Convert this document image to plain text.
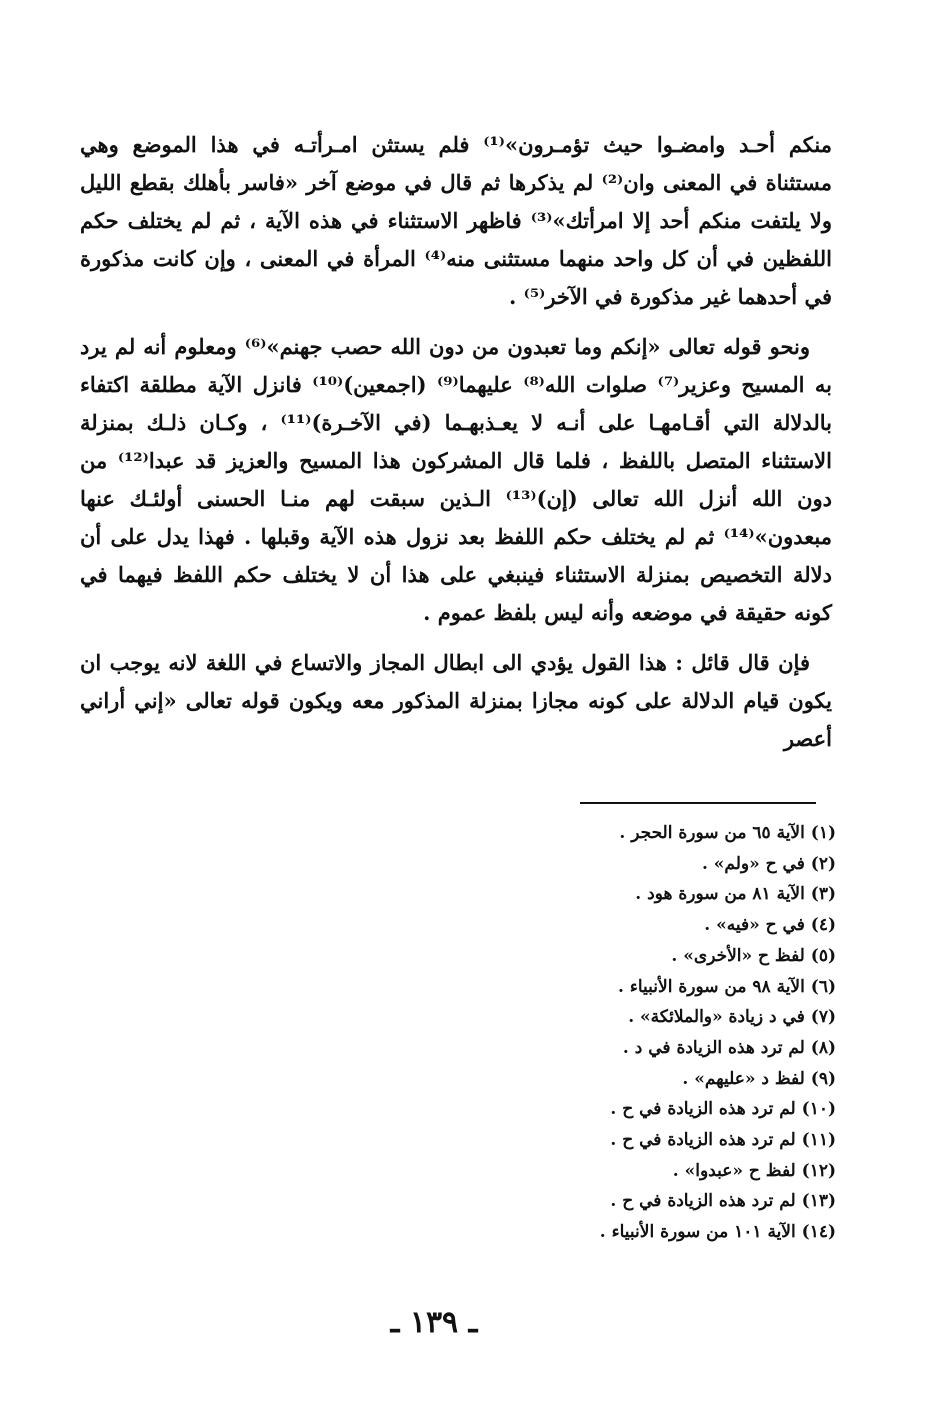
منكم أحـد وامضـوا حيث تؤمـرون»⁽¹⁾ فلم يستثن امـرأتـه في هذا الموضع وهي مستثناة في المعنى وان⁽²⁾ لم يذكرها ثم قال في موضع آخر «فاسر بأهلك بقطع الليل ولا يلتفت منكم أحد إلا امرأتك»⁽³⁾ فاظهر الاستثناء في هذه الآية ، ثم لم يختلف حكم اللفظين في أن كل واحد منهما مستثنى منه⁽⁴⁾ المرأة في المعنى ، وإن كانت مذكورة في أحدهما غير مذكورة في الآخر⁽⁵⁾ .

ونحو قوله تعالى «إنكم وما تعبدون من دون الله حصب جهنم»⁽⁶⁾ ومعلوم أنه لم يرد به المسيح وعزير⁽⁷⁾ صلوات الله⁽⁸⁾ عليهما⁽⁹⁾ (اجمعين)⁽¹⁰⁾ فانزل الآية مطلقة اكتفاء بالدلالة التي أقـامهـا على أنـه لا يعـذبهـما (في الآخـرة)⁽¹¹⁾ ، وكـان ذلـك بمنزلة الاستثناء المتصل باللفظ ، فلما قال المشركون هذا المسيح والعزيز قد عبدا⁽¹²⁾ من دون الله أنزل الله تعالى (إن)⁽¹³⁾ الـذين سبقت لهم منـا الحسنى أولئـك عنها مبعدون»⁽¹⁴⁾ ثم لم يختلف حكم اللفظ بعد نزول هذه الآية وقبلها . فهذا يدل على أن دلالة التخصيص بمنزلة الاستثناء فينبغي على هذا أن لا يختلف حكم اللفظ فيهما في كونه حقيقة في موضعه وأنه ليس بلفظ عموم .

فإن قال قائل : هذا القول يؤدي الى ابطال المجاز والاتساع في اللغة لانه يوجب ان يكون قيام الدلالة على كونه مجازا بمنزلة المذكور معه ويكون قوله تعالى «إني أراني أعصر

(١) الآية ٦٥ من سورة الحجر .
(٢) في ح «ولم» .
(٣) الآية ٨١ من سورة هود .
(٤) في ح «فيه» .
(٥) لفظ ح «الأخرى» .
(٦) الآية ٩٨ من سورة الأنبياء .
(٧) في د زيادة «والملائكة» .
(٨) لم ترد هذه الزيادة في د .
(٩) لفظ د «عليهم» .
(١٠) لم ترد هذه الزيادة في ح .
(١١) لم ترد هذه الزيادة في ح .
(١٢) لفظ ح «عبدوا» .
(١٣) لم ترد هذه الزيادة في ح .
(١٤) الآية ١٠١ من سورة الأنبياء .
ـ ١٣٩ ـ
